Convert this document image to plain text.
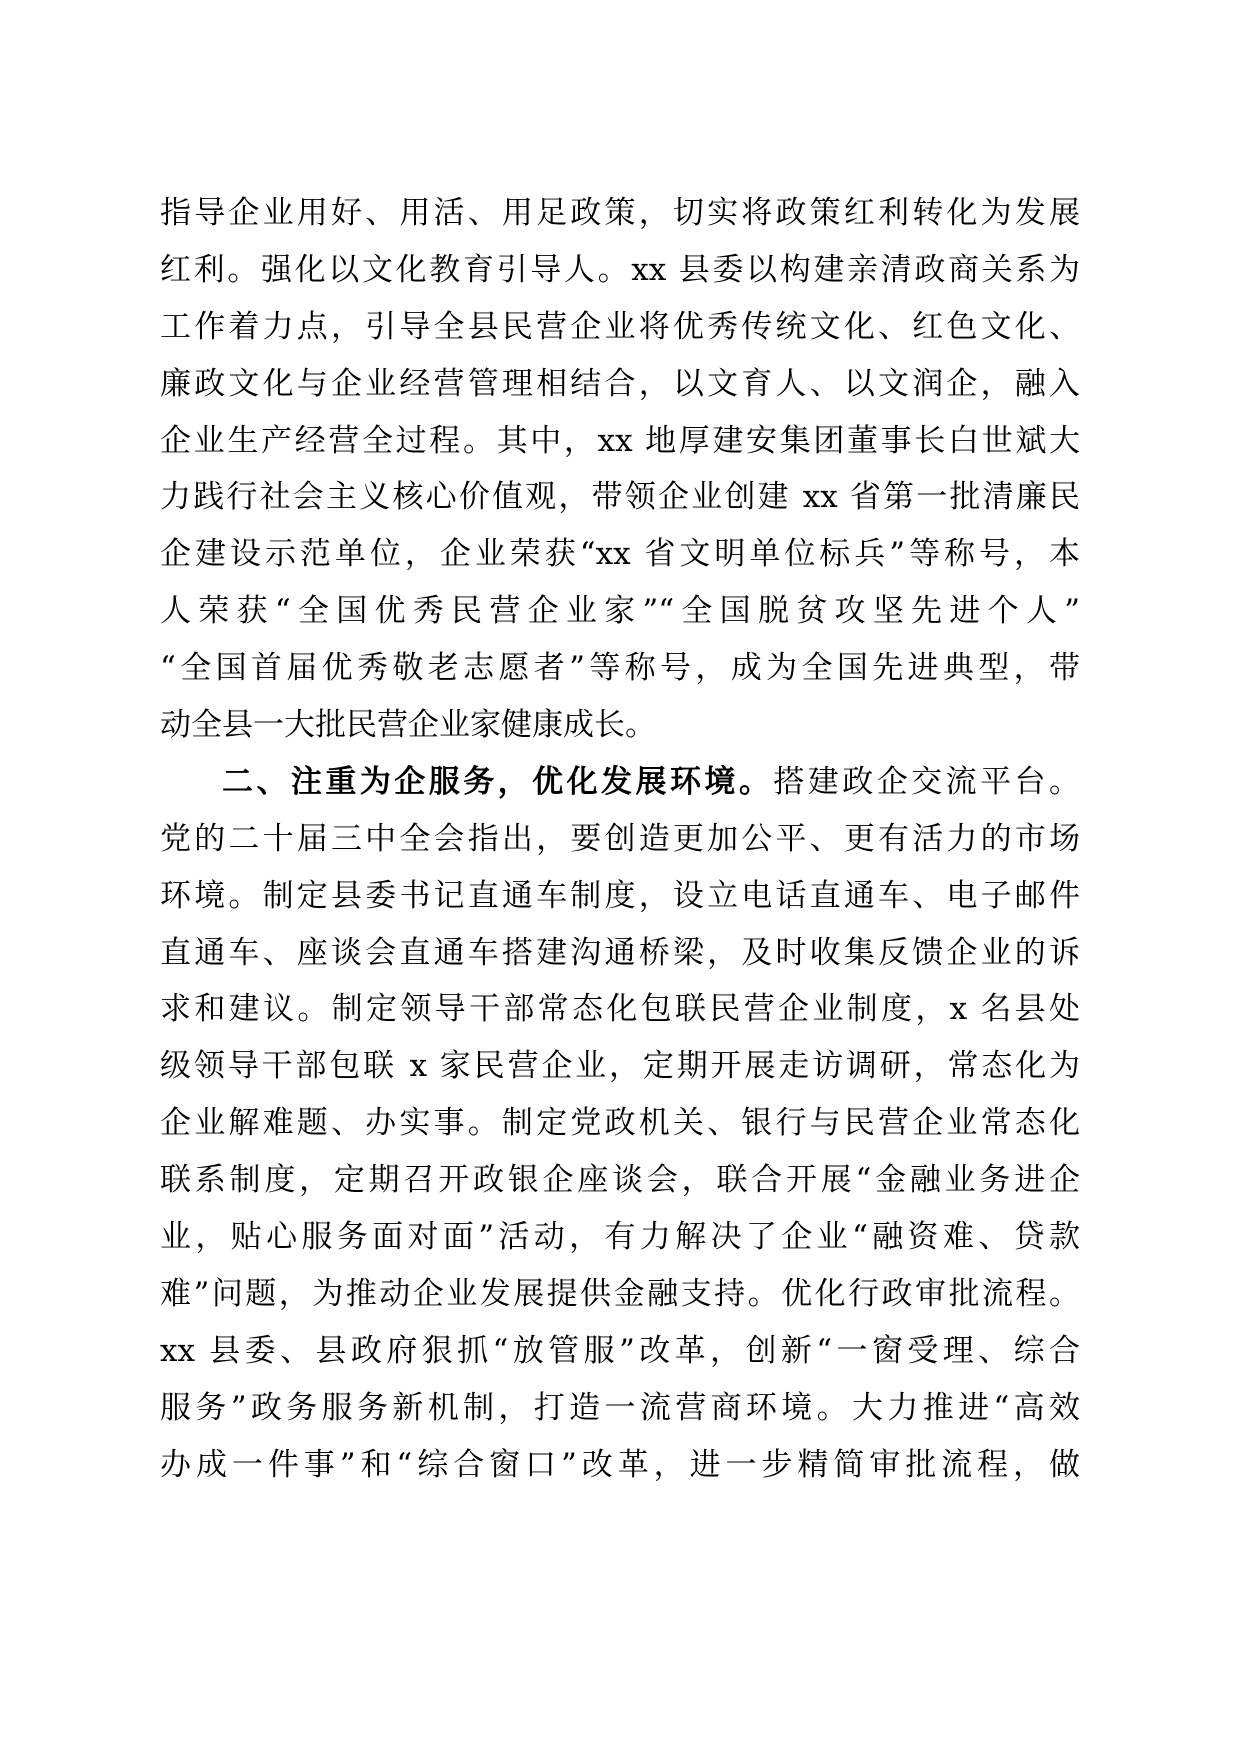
指导企业用好、用活、用足政策，切实将政策红利转化为发展
红利。强化以文化教育引导人。xx 县委以构建亲清政商关系为
工作着力点，引导全县民营企业将优秀传统文化、红色文化、
廉政文化与企业经营管理相结合，以文育人、以文润企，融入
企业生产经营全过程。其中，xx 地厚建安集团董事长白世斌大
力践行社会主义核心价值观，带领企业创建 xx 省第一批清廉民
企建设示范单位，企业荣获“xx 省文明单位标兵”等称号，本
人荣获“全国优秀民营企业家”“全国脱贫攻坚先进个人”
“全国首届优秀敬老志愿者”等称号，成为全国先进典型，带
动全县一大批民营企业家健康成长。
二、注重为企服务，优化发展环境。搭建政企交流平台。
党的二十届三中全会指出，要创造更加公平、更有活力的市场
环境。制定县委书记直通车制度，设立电话直通车、电子邮件
直通车、座谈会直通车搭建沟通桥梁，及时收集反馈企业的诉
求和建议。制定领导干部常态化包联民营企业制度，x 名县处
级领导干部包联 x 家民营企业，定期开展走访调研，常态化为
企业解难题、办实事。制定党政机关、银行与民营企业常态化
联系制度，定期召开政银企座谈会，联合开展“金融业务进企
业，贴心服务面对面”活动，有力解决了企业“融资难、贷款
难”问题，为推动企业发展提供金融支持。优化行政审批流程。
xx 县委、县政府狠抓“放管服”改革，创新“一窗受理、综合
服务”政务服务新机制，打造一流营商环境。大力推进“高效
办成一件事”和“综合窗口”改革，进一步精简审批流程，做
